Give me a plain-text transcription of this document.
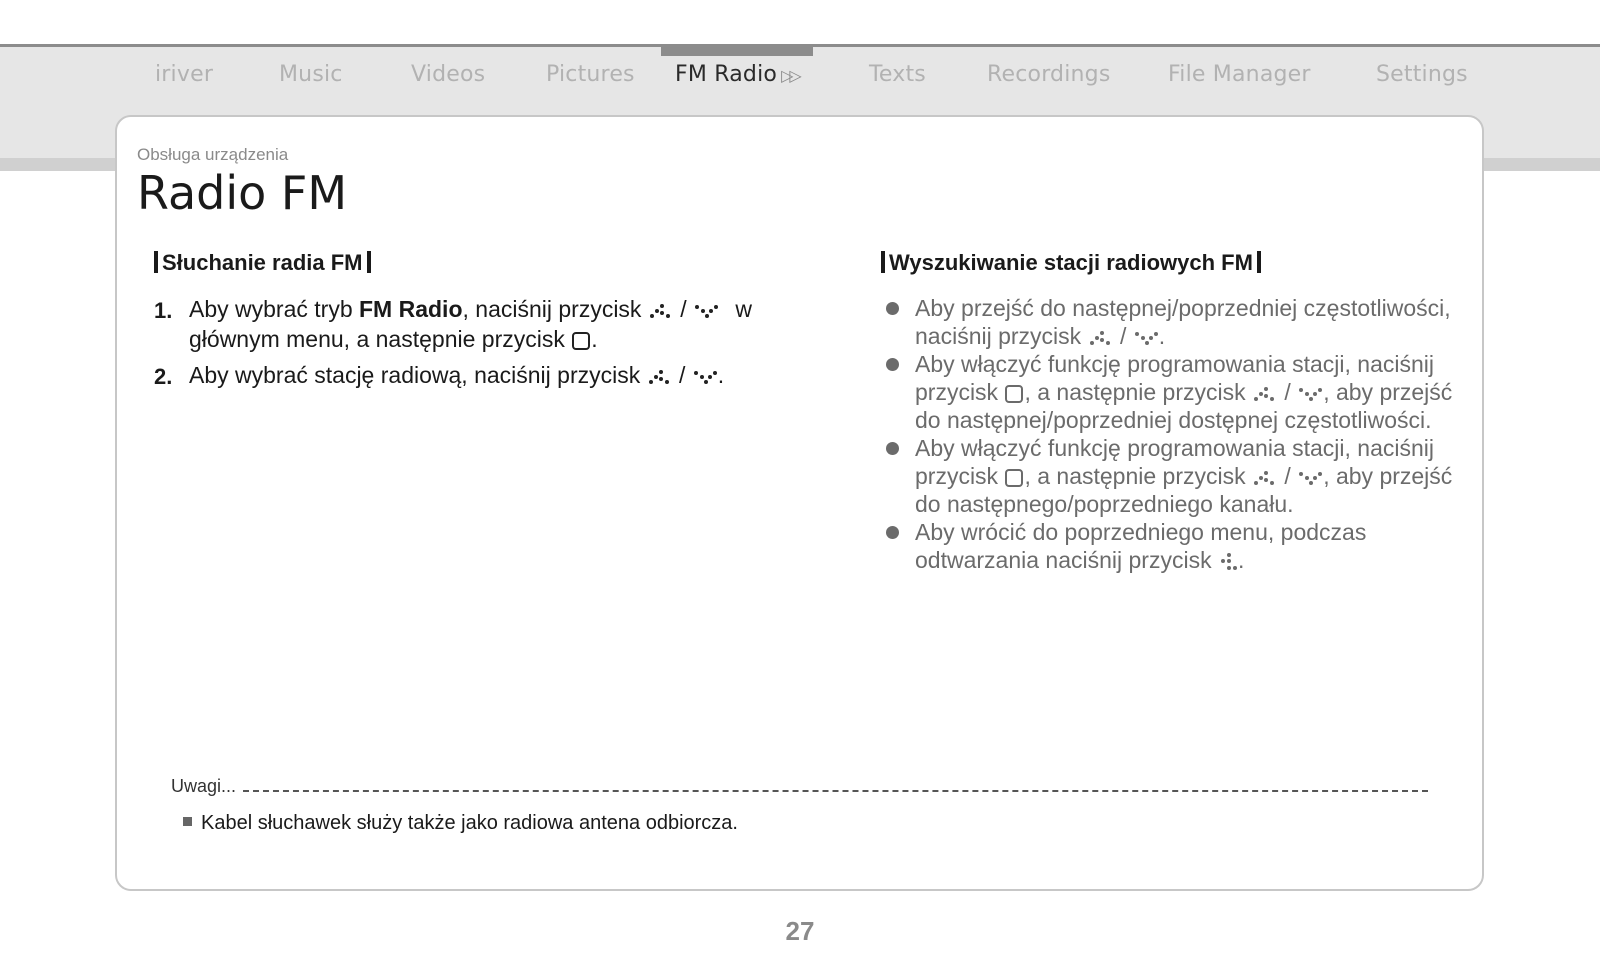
iriver	Music	Videos	Pictures FM Radio ▷▷	Texts	Recordings	File Manager	Settings
Obsługa urządzenia
Radio FM
Słuchanie radia FM	Wyszukiwanie stacji radiowych FM
1. Aby wybrać tryb FM Radio, naciśnij przycisk / w
głównym menu, a następnie przycisk .
2. Aby wybrać stację radiową, naciśnij przycisk / .
Aby przejść do następnej/poprzedniej częstotliwości, naciśnij przycisk / .
Aby włączyć funkcję programowania stacji, naciśnij przycisk , a następnie przycisk / , aby przejść do następnej/poprzedniej dostępnej częstotliwości.
Aby włączyć funkcję programowania stacji, naciśnij przycisk , a następnie przycisk / , aby przejść do następnego/poprzedniego kanału.
Aby wrócić do poprzedniego menu, podczas odtwarzania naciśnij przycisk .
Uwagi...
Kabel słuchawek służy także jako radiowa antena odbiorcza.
27
